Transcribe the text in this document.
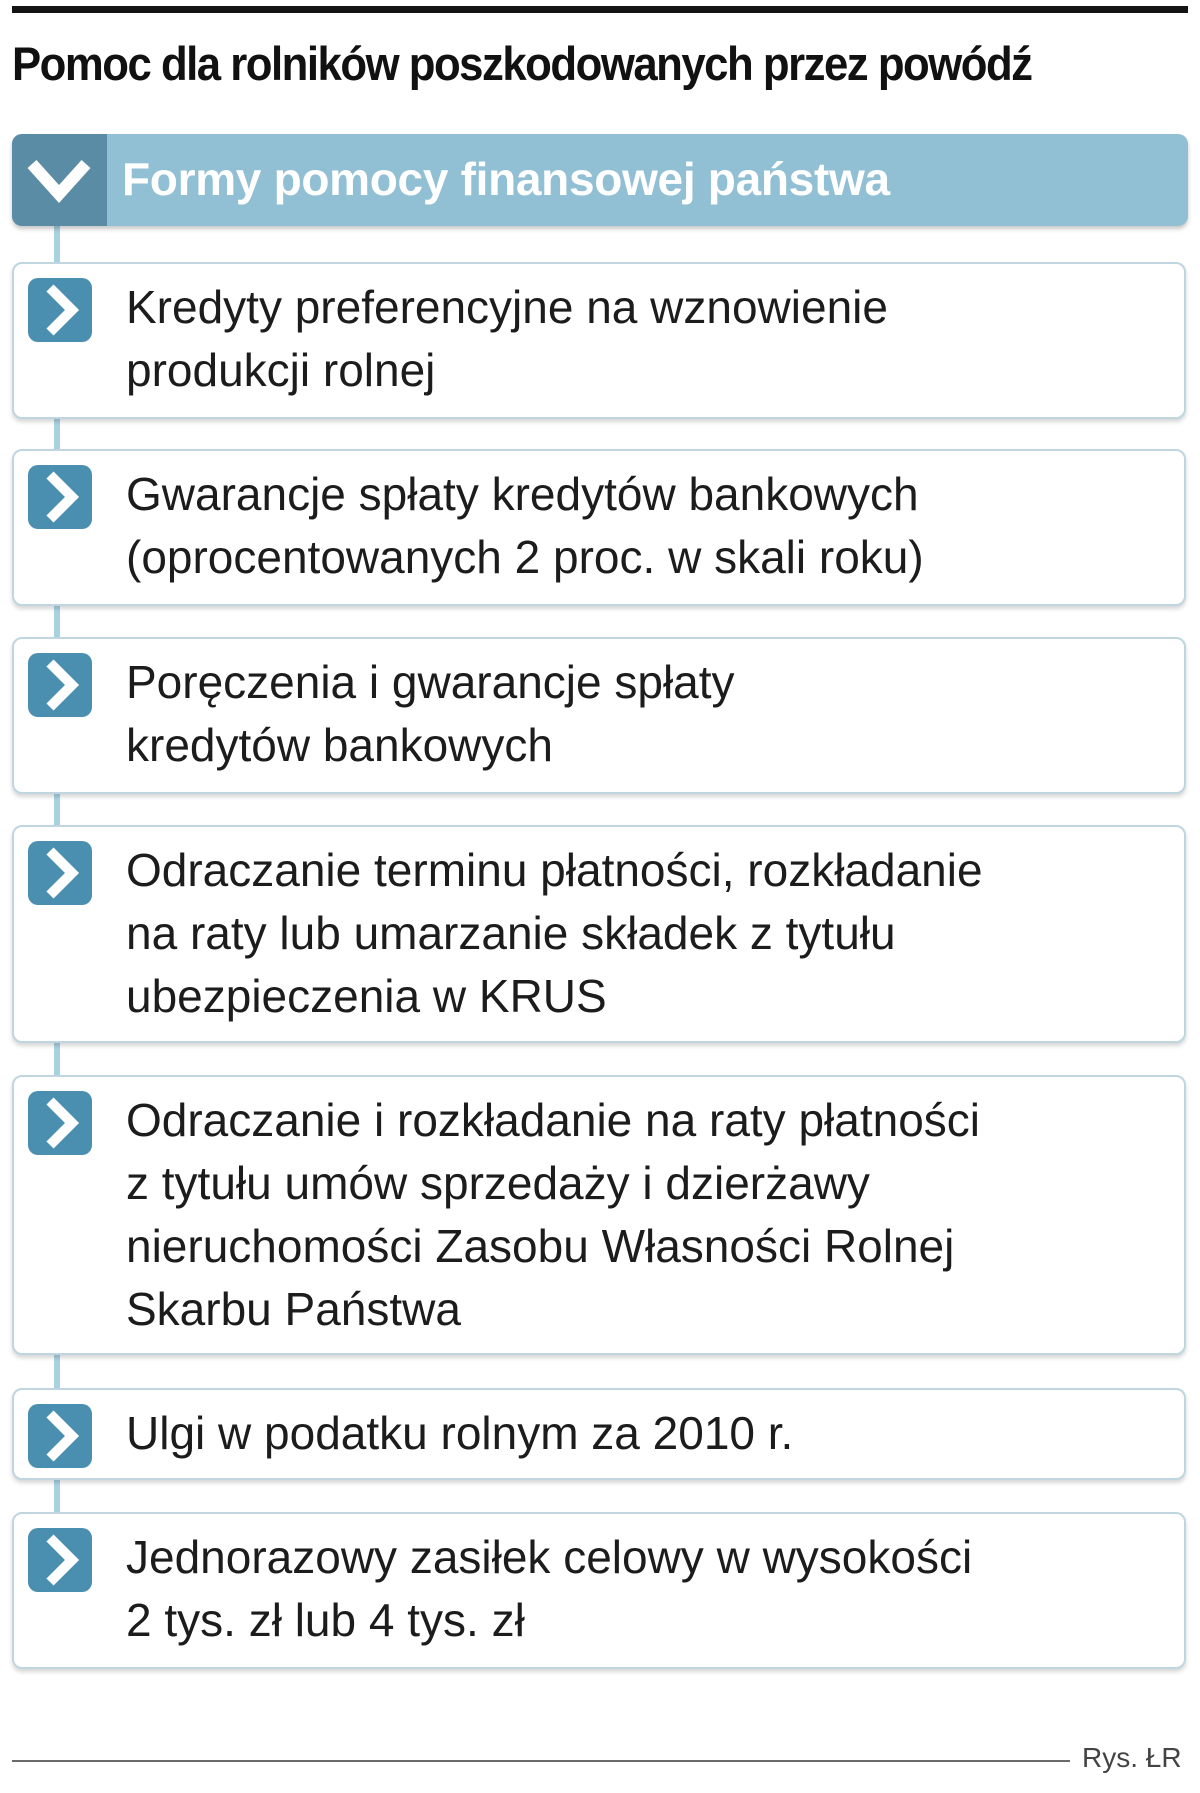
Pomoc dla rolników poszkodowanych przez powódź
Formy pomocy finansowej państwa
Kredyty preferencyjne na wznowienie
produkcji rolnej
Gwarancje spłaty kredytów bankowych
(oprocentowanych 2 proc. w skali roku)
Poręczenia i gwarancje spłaty
kredytów bankowych
Odraczanie terminu płatności, rozkładanie
na raty lub umarzanie składek z tytułu
ubezpieczenia w KRUS
Odraczanie i rozkładanie na raty płatności
z tytułu umów sprzedaży i dzierżawy
nieruchomości Zasobu Własności Rolnej
Skarbu Państwa
Ulgi w podatku rolnym za 2010 r.
Jednorazowy zasiłek celowy w wysokości
2 tys. zł lub 4 tys. zł
Rys. ŁR
